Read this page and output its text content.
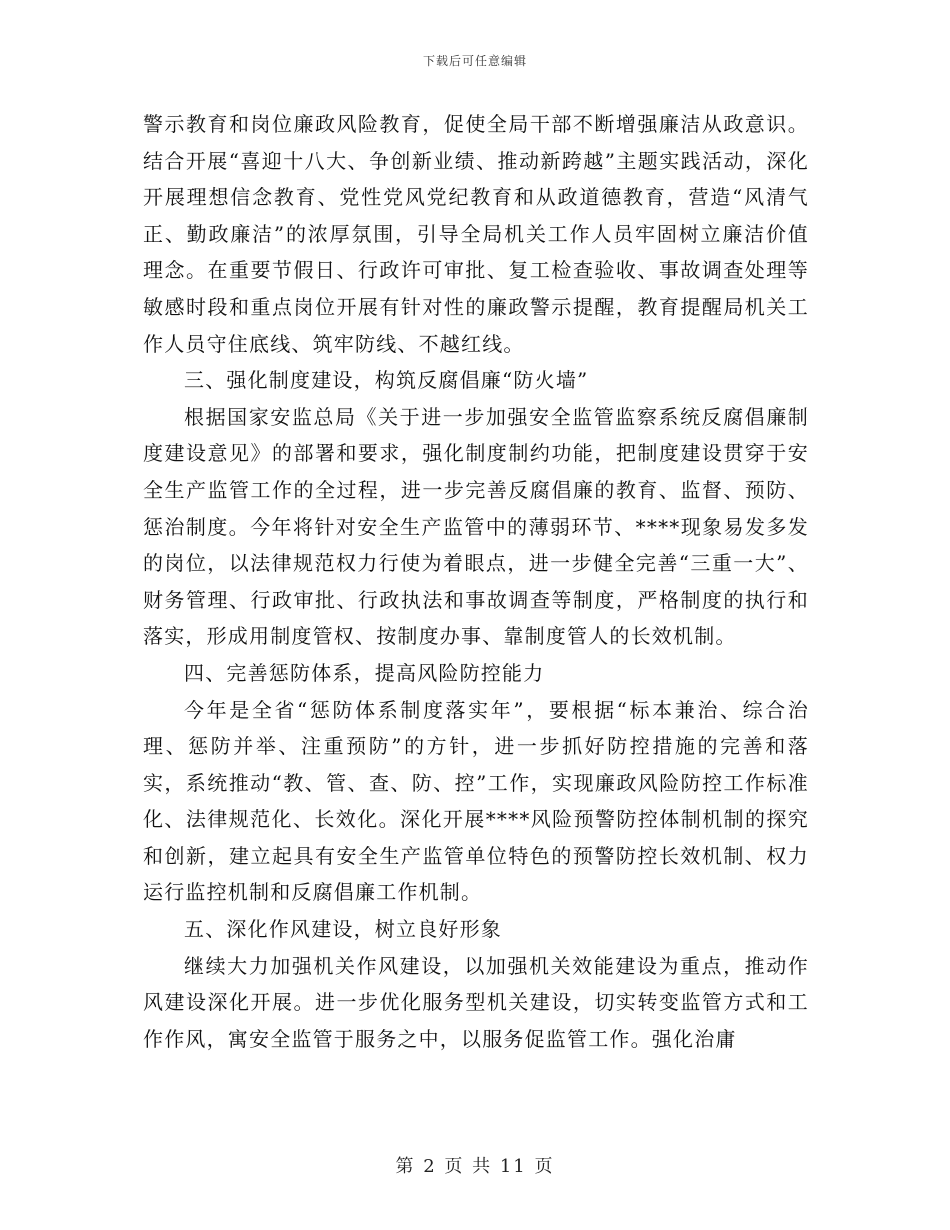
下载后可任意编辑

警示教育和岗位廉政风险教育，促使全局干部不断增强廉洁从政意识。结合开展“喜迎十八大、争创新业绩、推动新跨越”主题实践活动，深化开展理想信念教育、党性党风党纪教育和从政道德教育，营造“风清气正、勤政廉洁”的浓厚氛围，引导全局机关工作人员牢固树立廉洁价值理念。在重要节假日、行政许可审批、复工检查验收、事故调查处理等敏感时段和重点岗位开展有针对性的廉政警示提醒，教育提醒局机关工作人员守住底线、筑牢防线、不越红线。

三、强化制度建设，构筑反腐倡廉“防火墙”

根据国家安监总局《关于进一步加强安全监管监察系统反腐倡廉制度建设意见》的部署和要求，强化制度制约功能，把制度建设贯穿于安全生产监管工作的全过程，进一步完善反腐倡廉的教育、监督、预防、惩治制度。今年将针对安全生产监管中的薄弱环节、****现象易发多发的岗位，以法律规范权力行使为着眼点，进一步健全完善“三重一大”、财务管理、行政审批、行政执法和事故调查等制度，严格制度的执行和落实，形成用制度管权、按制度办事、靠制度管人的长效机制。

四、完善惩防体系，提高风险防控能力

今年是全省“惩防体系制度落实年”，要根据“标本兼治、综合治理、惩防并举、注重预防”的方针，进一步抓好防控措施的完善和落实，系统推动“教、管、查、防、控”工作，实现廉政风险防控工作标准化、法律规范化、长效化。深化开展****风险预警防控体制机制的探究和创新，建立起具有安全生产监管单位特色的预警防控长效机制、权力运行监控机制和反腐倡廉工作机制。

五、深化作风建设，树立良好形象

继续大力加强机关作风建设，以加强机关效能建设为重点，推动作风建设深化开展。进一步优化服务型机关建设，切实转变监管方式和工作作风，寓安全监管于服务之中，以服务促监管工作。强化治庸

第 2 页 共 11 页
